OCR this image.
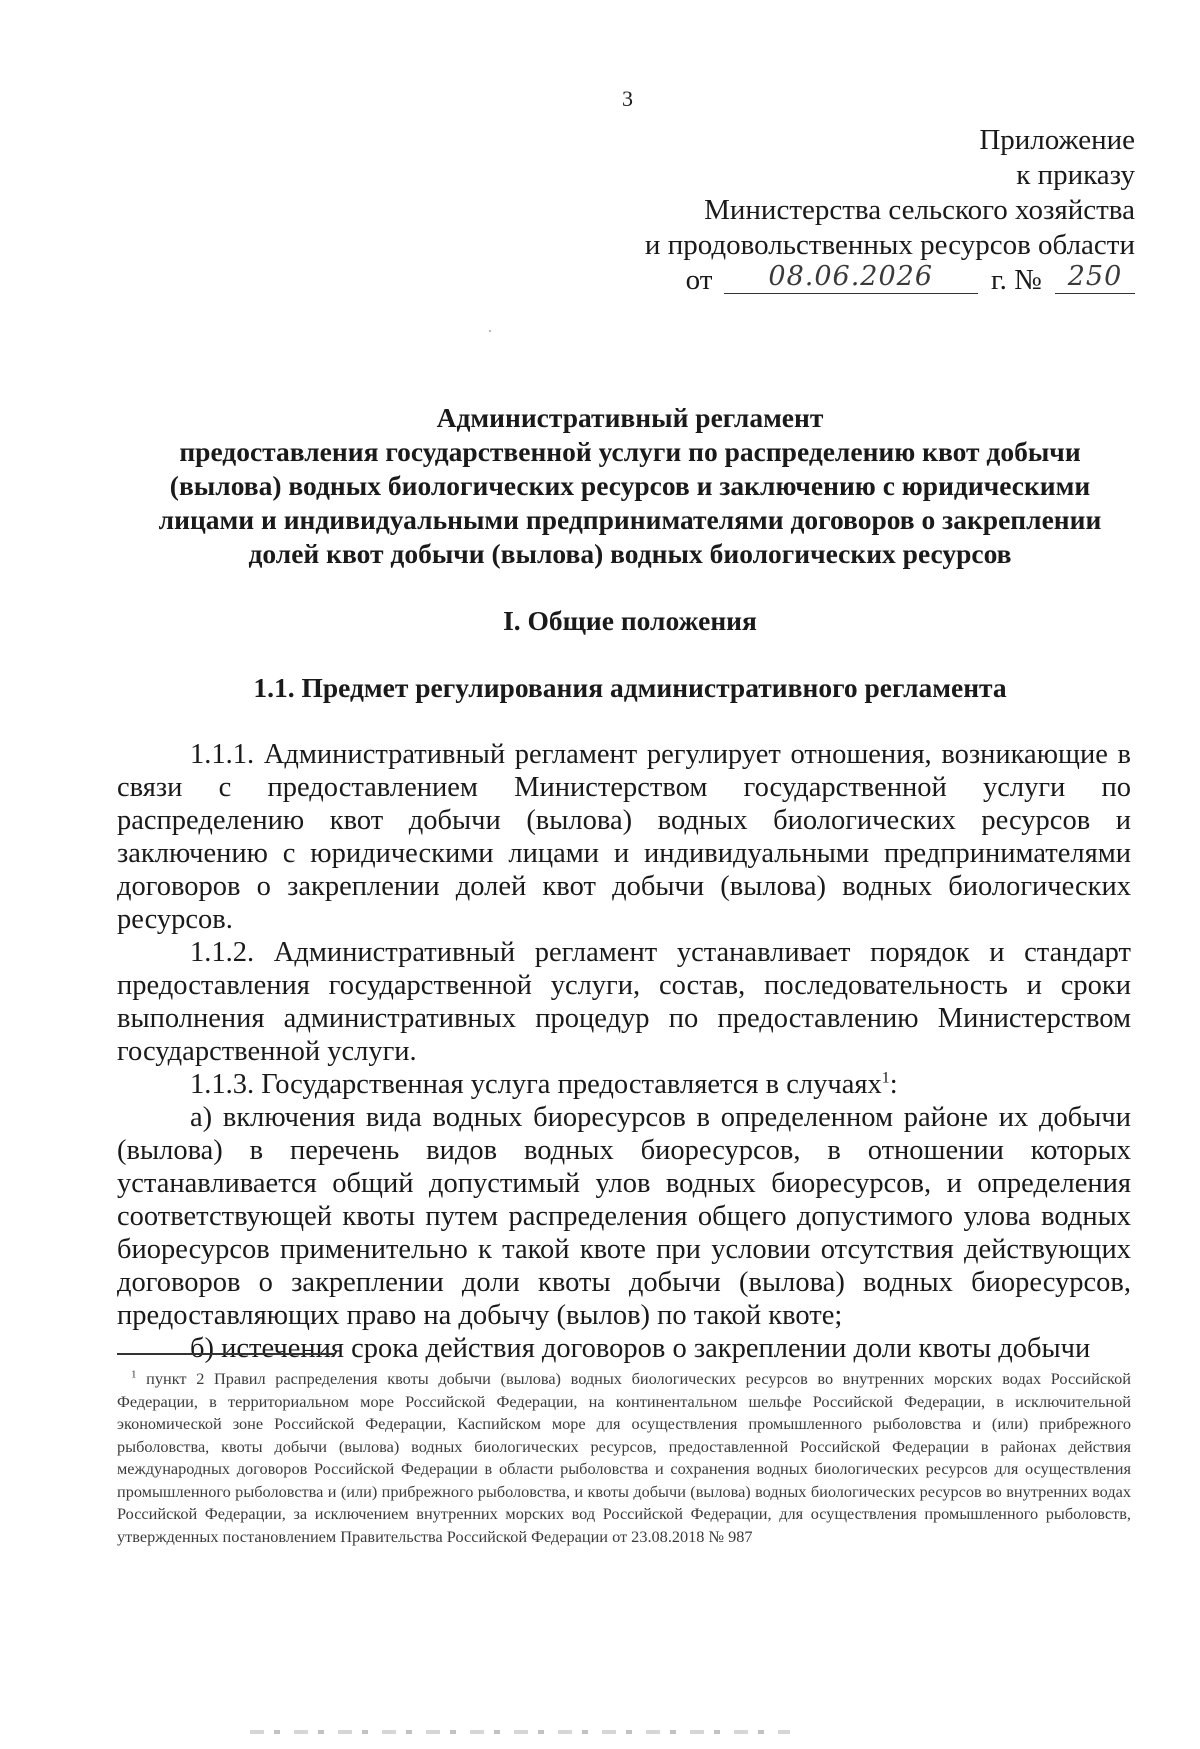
3
Приложение
к приказу
Министерства сельского хозяйства
и продовольственных ресурсов области
от 08.06.2026 г. № 250
Административный регламент
предоставления государственной услуги по распределению квот добычи
(вылова) водных биологических ресурсов и заключению с юридическими
лицами и индивидуальными предпринимателями договоров о закреплении
долей квот добычи (вылова) водных биологических ресурсов
I. Общие положения
1.1. Предмет регулирования административного регламента

1.1.1. Административный регламент регулирует отношения, возникающие в связи с предоставлением Министерством государственной услуги по распределению квот добычи (вылова) водных биологических ресурсов и заключению с юридическими лицами и индивидуальными предпринимателями договоров о закреплении долей квот добычи (вылова) водных биологических ресурсов.

1.1.2. Административный регламент устанавливает порядок и стандарт предоставления государственной услуги, состав, последовательность и сроки выполнения административных процедур по предоставлению Министерством государственной услуги.

1.1.3. Государственная услуга предоставляется в случаях$^1$:

а) включения вида водных биоресурсов в определенном районе их добычи (вылова) в перечень видов водных биоресурсов, в отношении которых устанавливается общий допустимый улов водных биоресурсов, и определения соответствующей квоты путем распределения общего допустимого улова водных биоресурсов применительно к такой квоте при условии отсутствия действующих договоров о закреплении доли квоты добычи (вылова) водных биоресурсов, предоставляющих право на добычу (вылов) по такой квоте;

б) истечения срока действия договоров о закреплении доли квоты добычи

$^1$ пункт 2 Правил распределения квоты добычи (вылова) водных биологических ресурсов во внутренних морских водах Российской Федерации, в территориальном море Российской Федерации, на континентальном шельфе Российской Федерации, в исключительной экономической зоне Российской Федерации, Каспийском море для осуществления промышленного рыболовства и (или) прибрежного рыболовства, квоты добычи (вылова) водных биологических ресурсов, предоставленной Российской Федерации в районах действия международных договоров Российской Федерации в области рыболовства и сохранения водных биологических ресурсов для осуществления промышленного рыболовства и (или) прибрежного рыболовства, и квоты добычи (вылова) водных биологических ресурсов во внутренних водах Российской Федерации, за исключением внутренних морских вод Российской Федерации, для осуществления промышленного рыболовств, утвержденных постановлением Правительства Российской Федерации от 23.08.2018 № 987
